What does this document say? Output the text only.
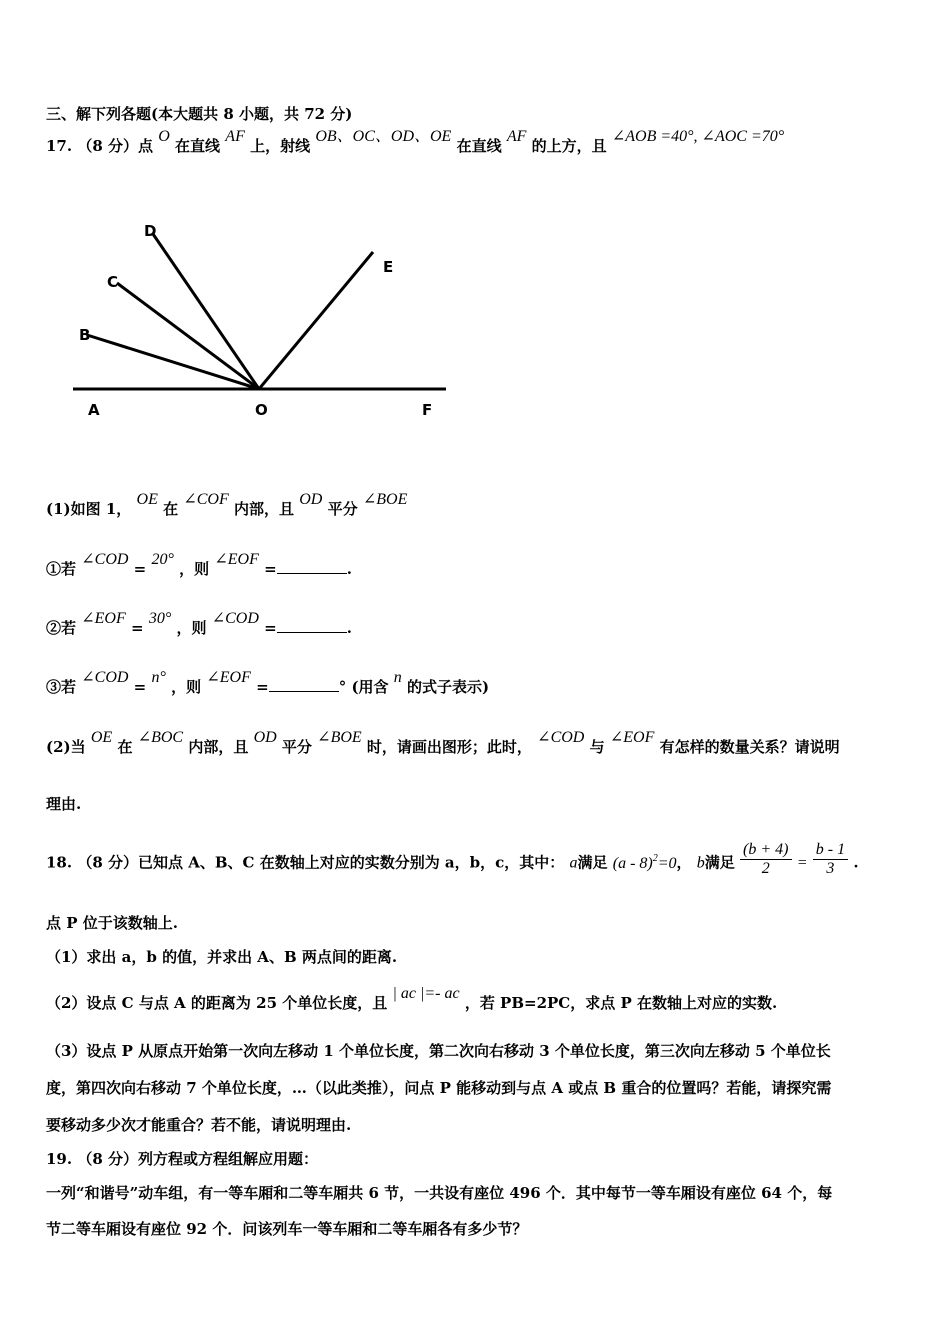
三、解下列各题(本大题共 8 小题，共 72 分)
17. （8 分）点 O 在直线 AF 上，射线 OB、OC、OD、OE 在直线 AF 的上方，且 ∠AOB =40°, ∠AOC =70°
A	O	F
B
C
D
E
(1)如图 1， OE 在 ∠COF 内部，且 OD 平分 ∠BOE
①若 ∠COD = 20° ，则 ∠EOF =	.
②若 ∠EOF = 30° ，则 ∠COD =	.
③若 ∠COD = n° ，则 ∠EOF =	° (用含 n 的式子表示)
(2)当 OE 在 ∠BOC 内部，且 OD 平分 ∠BOE 时，请画出图形；此时， ∠COD 与 ∠EOF 有怎样的数量关系？请说明
理由.
18. （8 分）已知点 A、B、C 在数轴上对应的实数分别为 a，b，c，其中： a满足 (a - 8)$^2$=0， b满足 $\frac{(b + 4)}{2} = \frac{b - 1}{3}$ .
点 P 位于该数轴上.
（1）求出 a，b 的值，并求出 A、B 两点间的距离.
（2）设点 C 与点 A 的距离为 25 个单位长度，且 | ac |=- ac ，若 PB=2PC，求点 P 在数轴上对应的实数.
（3）设点 P 从原点开始第一次向左移动 1 个单位长度，第二次向右移动 3 个单位长度，第三次向左移动 5 个单位长
度，第四次向右移动 7 个单位长度，…（以此类推），问点 P 能移动到与点 A 或点 B 重合的位置吗？若能，请探究需
要移动多少次才能重合？若不能，请说明理由.
19. （8 分）列方程或方程组解应用题：
一列“和谐号”动车组，有一等车厢和二等车厢共 6 节，一共设有座位 496 个．其中每节一等车厢设有座位 64 个，每
节二等车厢设有座位 92 个．问该列车一等车厢和二等车厢各有多少节？
